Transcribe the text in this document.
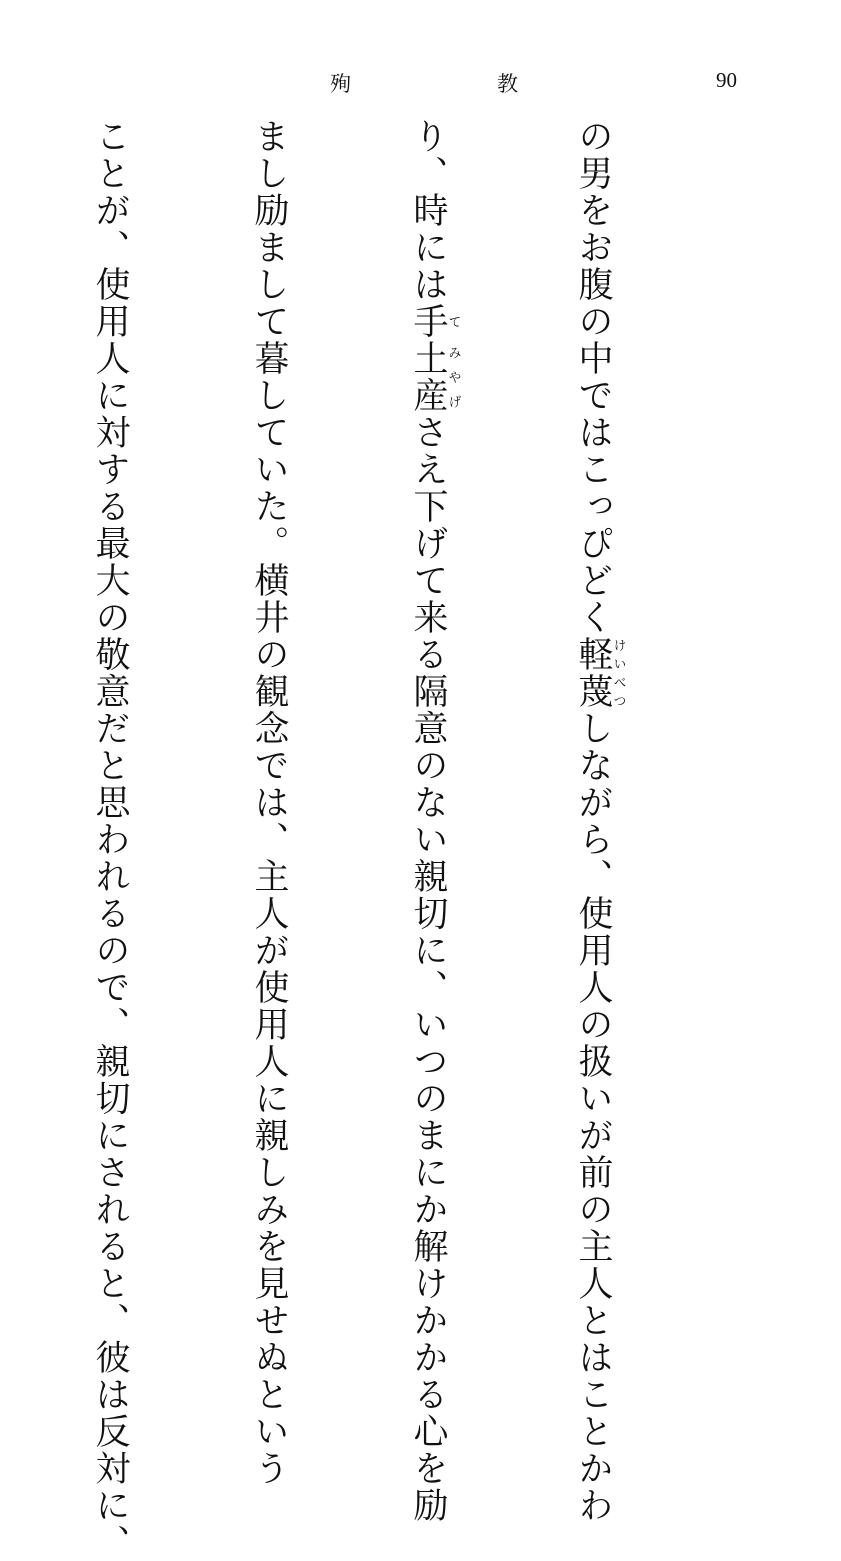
殉	教	90

の男をお腹の中ではこっぴどく軽蔑けいべつしながら、使用人の扱いが前の主人とはことかわ

り、時には手て土産みやげさえ下げて来る隔意のない親切に、いつのまにか解けかかる心を励

まし励まして暮していた。横井の観念では、主人が使用人に親しみを見せぬという

ことが、使用人に対する最大の敬意だと思われるので、親切にされると、彼は反対に、
